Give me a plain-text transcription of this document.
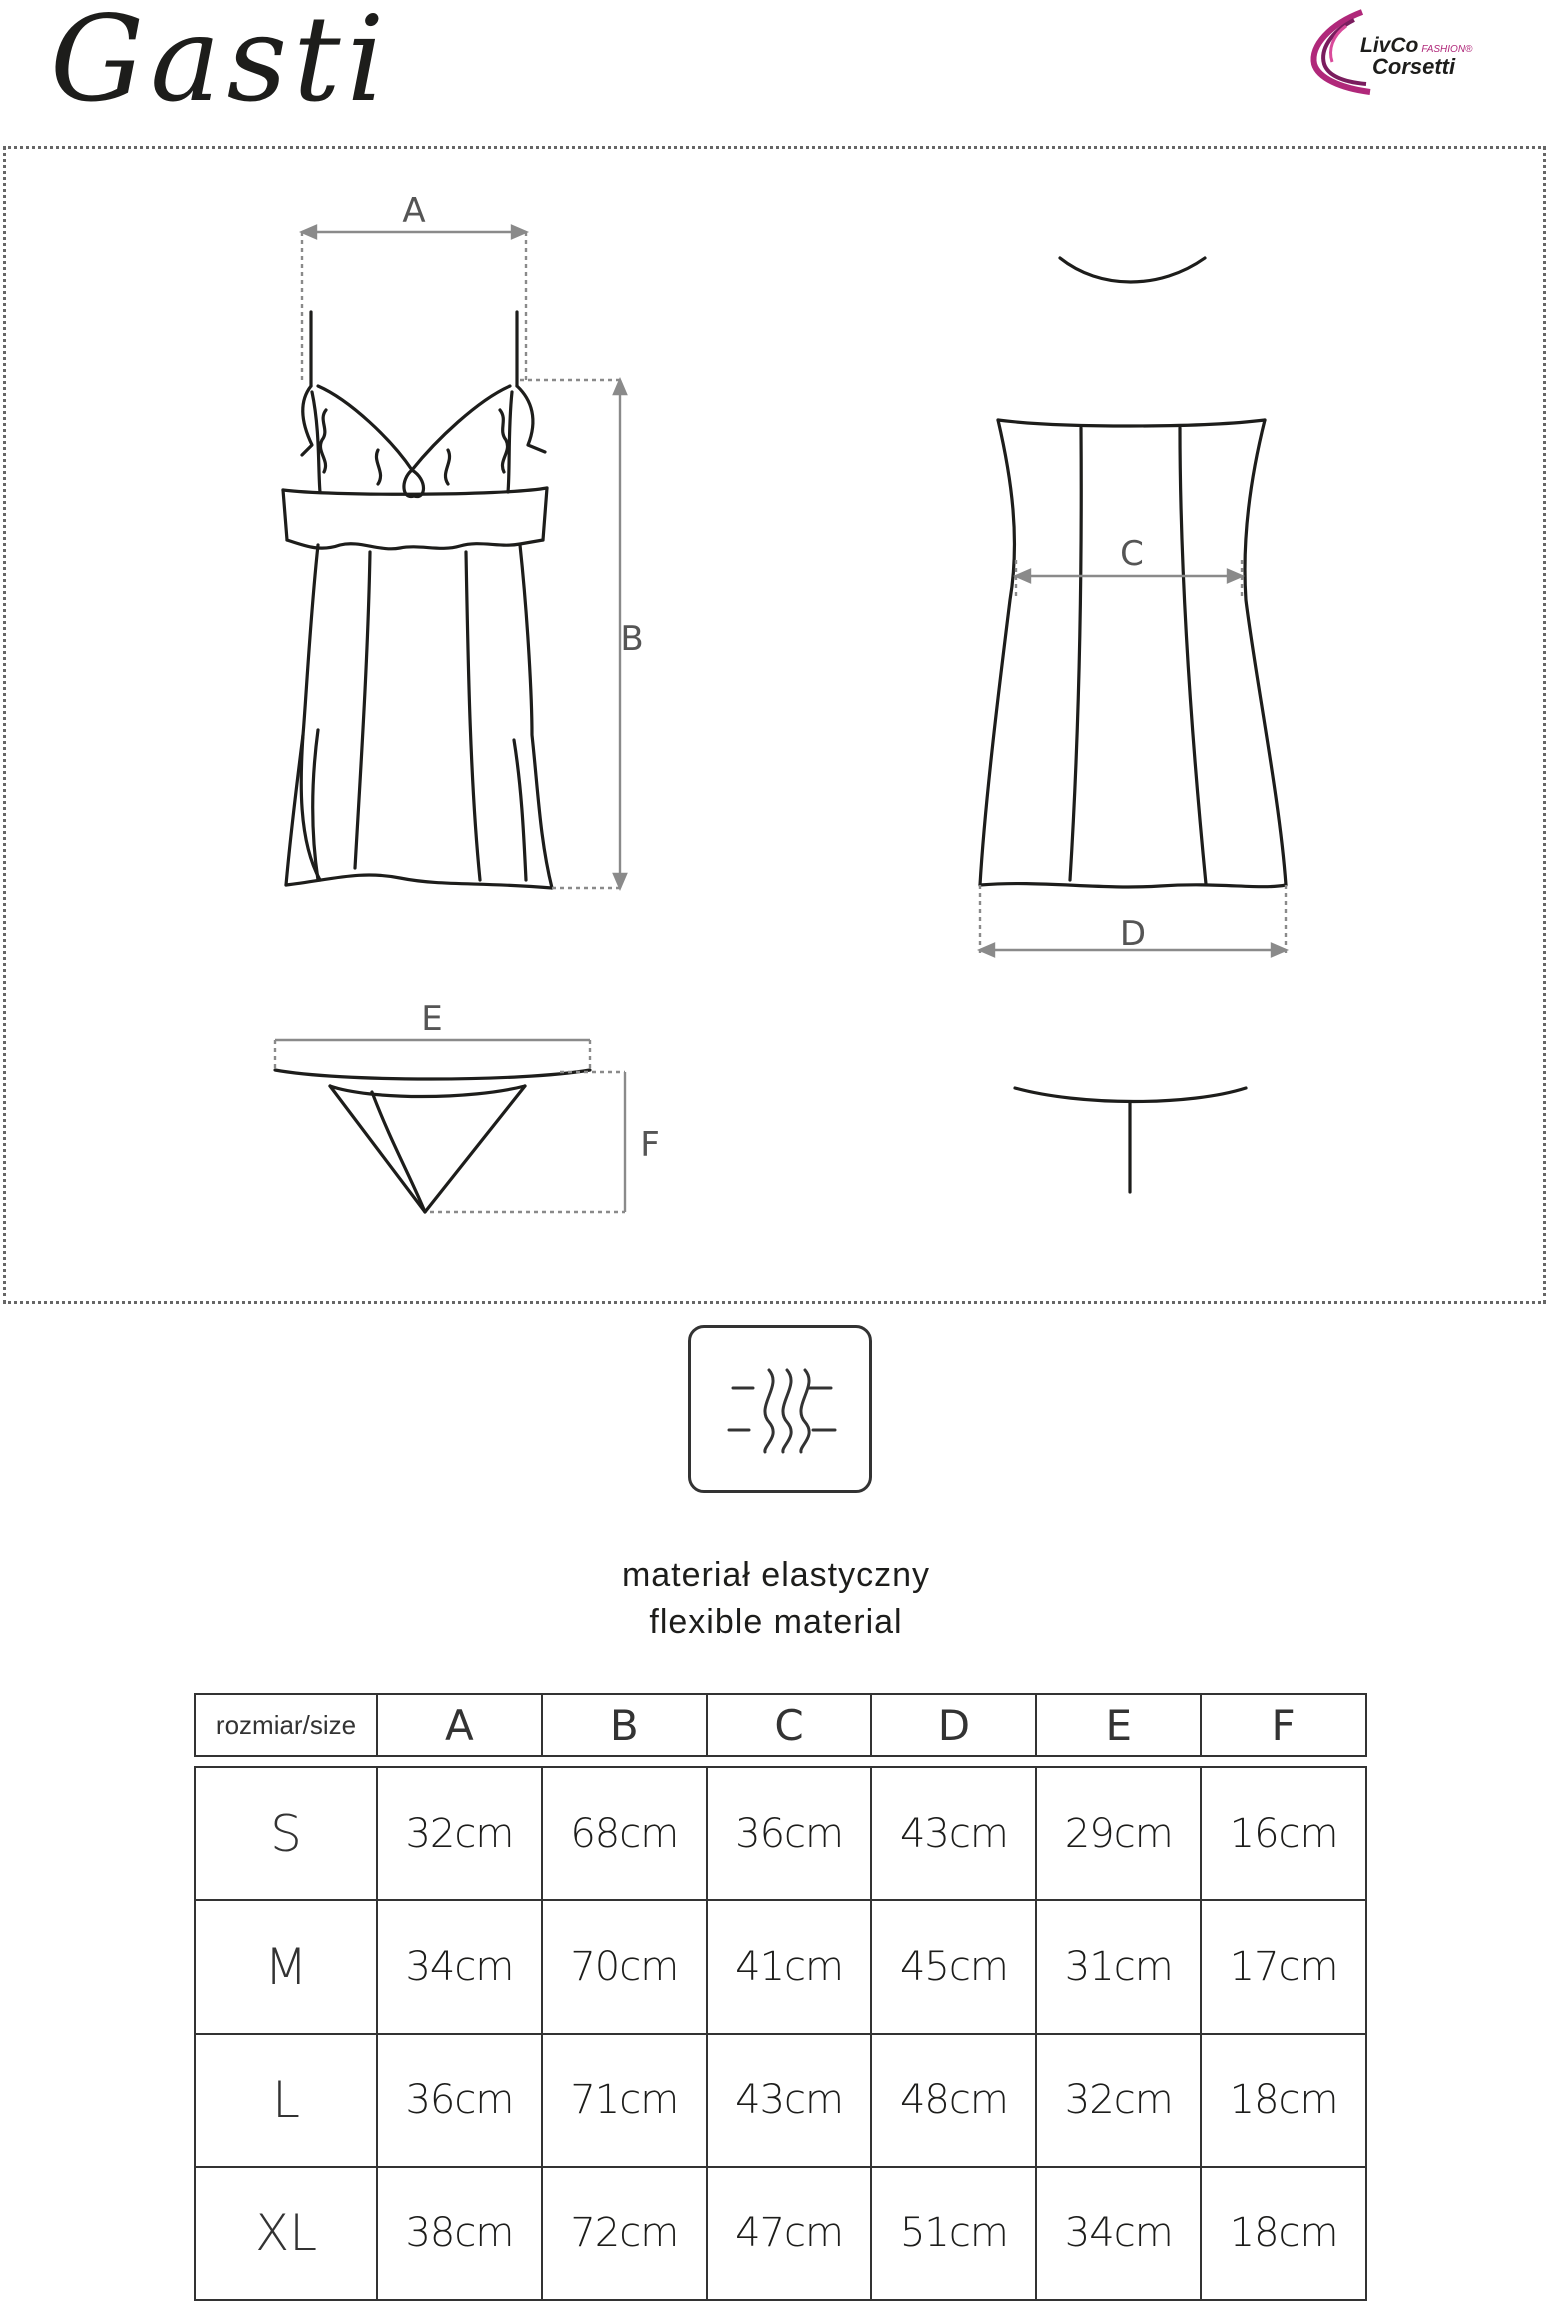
Gasti	LivCo FASHION®
Corsetti
A
B
C
D
E
F
materiał elastyczny
flexible material
rozmiar/size	A	B	C	D	E	F
S	32cm	68cm	36cm	43cm	29cm	16cm
M	34cm	70cm	41cm	45cm	31cm	17cm
L	36cm	71cm	43cm	48cm	32cm	18cm
XL	38cm	72cm	47cm	51cm	34cm	18cm
